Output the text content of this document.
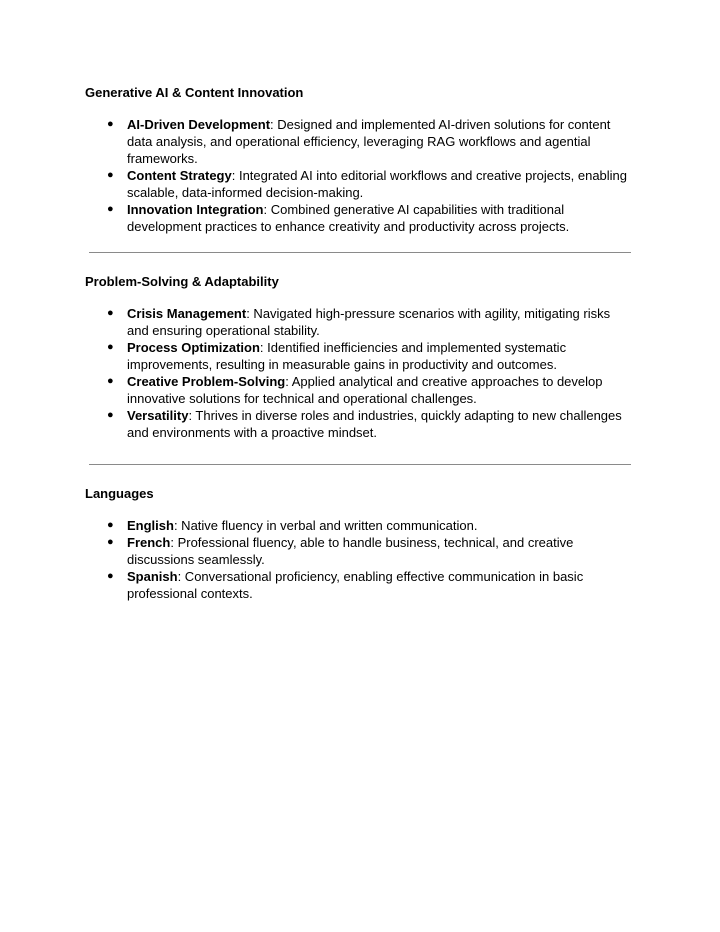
Generative AI & Content Innovation
● AI-Driven Development: Designed and implemented AI-driven solutions for content data analysis, and operational efficiency, leveraging RAG workflows and agential frameworks.
● Content Strategy: Integrated AI into editorial workflows and creative projects, enabling scalable, data-informed decision-making.
● Innovation Integration: Combined generative AI capabilities with traditional development practices to enhance creativity and productivity across projects.
Problem-Solving & Adaptability
● Crisis Management: Navigated high-pressure scenarios with agility, mitigating risks and ensuring operational stability.
● Process Optimization: Identified inefficiencies and implemented systematic improvements, resulting in measurable gains in productivity and outcomes.
● Creative Problem-Solving: Applied analytical and creative approaches to develop innovative solutions for technical and operational challenges.
● Versatility: Thrives in diverse roles and industries, quickly adapting to new challenges and environments with a proactive mindset.
Languages
● English: Native fluency in verbal and written communication.
● French: Professional fluency, able to handle business, technical, and creative discussions seamlessly.
● Spanish: Conversational proficiency, enabling effective communication in basic professional contexts.
